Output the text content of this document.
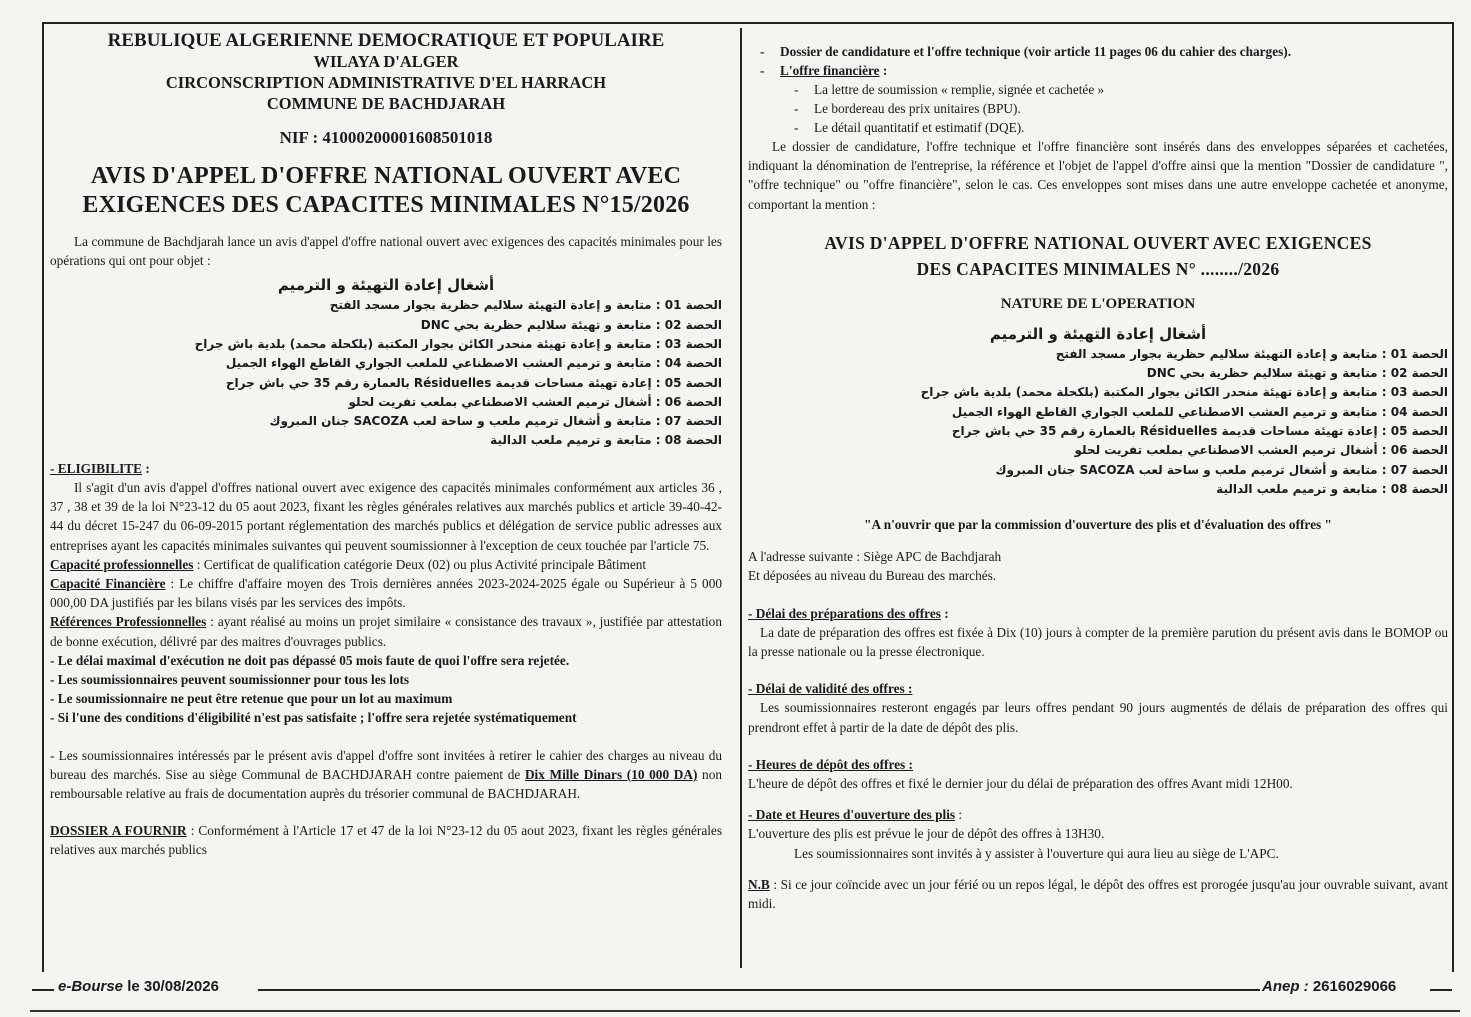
REBULIQUE ALGERIENNE DEMOCRATIQUE ET POPULAIRE
WILAYA D'ALGER
CIRCONSCRIPTION ADMINISTRATIVE D'EL HARRACH
COMMUNE DE BACHDJARAH
NIF : 41000200001608501018
AVIS D'APPEL D'OFFRE NATIONAL OUVERT AVEC
EXIGENCES DES CAPACITES MINIMALES N°15/2026
La commune de Bachdjarah lance un avis d'appel d'offre national ouvert avec exigences des capacités minimales pour les opérations qui ont pour objet :
أشغال إعادة التهيئة و الترميم
الحصة 01 : متابعة و إعادة التهيئة سلاليم حظرية بجوار مسجد الفتح
الحصة 02 : متابعة و تهيئة سلاليم حظرية بحي DNC
الحصة 03 : متابعة و إعادة تهيئة منحدر الكائن بجوار المكتبة (بلكحلة محمد) بلدية باش جراح
الحصة 04 : متابعة و ترميم العشب الاصطناعي للملعب الجواري القاطع الهواء الجميل
الحصة 05 : إعادة تهيئة مساحات قديمة Résiduelles بالعمارة رقم 35 حي باش جراح
الحصة 06 : أشغال ترميم العشب الاصطناعي بملعب تفريت لحلو
الحصة 07 : متابعة و أشغال ترميم ملعب و ساحة لعب SACOZA جنان المبروك
الحصة 08 : متابعة و ترميم ملعب الدالية
- ELIGIBILITE :
Il s'agit d'un avis d'appel d'offres national ouvert avec exigence des capacités minimales conformément aux articles 36 , 37 , 38 et 39 de la loi N°23-12 du 05 aout 2023, fixant les règles générales relatives aux marchés publics et article 39-40-42-44 du décret 15-247 du 06-09-2015 portant réglementation des marchés publics et délégation de service public adresses aux entreprises ayant les capacités minimales suivantes qui peuvent soumissionner à l'exception de ceux touchée par l'article 75.
Capacité professionnelles : Certificat de qualification catégorie Deux (02) ou plus Activité principale Bâtiment
Capacité Financière : Le chiffre d'affaire moyen des Trois dernières années 2023-2024-2025 égale ou Supérieur à 5 000 000,00 DA justifiés par les bilans visés par les services des impôts.
Références Professionnelles : ayant réalisé au moins un projet similaire « consistance des travaux », justifiée par attestation de bonne exécution, délivré par des maitres d'ouvrages publics.
- Le délai maximal d'exécution ne doit pas dépassé 05 mois faute de quoi l'offre sera rejetée.
- Les soumissionnaires peuvent soumissionner pour tous les lots
- Le soumissionnaire ne peut être retenue que pour un lot au maximum
- Si l'une des conditions d'éligibilité n'est pas satisfaite ; l'offre sera rejetée systématiquement
- Les soumissionnaires intéressés par le présent avis d'appel d'offre sont invitées à retirer le cahier des charges au niveau du bureau des marchés. Sise au siège Communal de BACHDJARAH contre paiement de Dix Mille Dinars (10 000 DA) non remboursable relative au frais de documentation auprès du trésorier communal de BACHDJARAH.
DOSSIER A FOURNIR : Conformément à l'Article 17 et 47 de la loi N°23-12 du 05 aout 2023, fixant les règles générales relatives aux marchés publics
- Dossier de candidature et l'offre technique (voir article 11 pages 06 du cahier des charges).
- L'offre financière :
- La lettre de soumission « remplie, signée et cachetée »
- Le bordereau des prix unitaires (BPU).
- Le détail quantitatif et estimatif (DQE).
Le dossier de candidature, l'offre technique et l'offre financière sont insérés dans des enveloppes séparées et cachetées, indiquant la dénomination de l'entreprise, la référence et l'objet de l'appel d'offre ainsi que la mention "Dossier de candidature ", "offre technique" ou "offre financière", selon le cas. Ces enveloppes sont mises dans une autre enveloppe cachetée et anonyme, comportant la mention :
AVIS D'APPEL D'OFFRE NATIONAL OUVERT AVEC EXIGENCES
DES CAPACITES MINIMALES N° ......../2026
NATURE DE L'OPERATION
أشغال إعادة التهيئة و الترميم
الحصة 01 : متابعة و إعادة التهيئة سلاليم حظرية بجوار مسجد الفتح
الحصة 02 : متابعة و تهيئة سلاليم حظرية بحي DNC
الحصة 03 : متابعة و إعادة تهيئة منحدر الكائن بجوار المكتبة (بلكحلة محمد) بلدية باش جراح
الحصة 04 : متابعة و ترميم العشب الاصطناعي للملعب الجواري القاطع الهواء الجميل
الحصة 05 : إعادة تهيئة مساحات قديمة Résiduelles بالعمارة رقم 35 حي باش جراح
الحصة 06 : أشغال ترميم العشب الاصطناعي بملعب تفريت لحلو
الحصة 07 : متابعة و أشغال ترميم ملعب و ساحة لعب SACOZA جنان المبروك
الحصة 08 : متابعة و ترميم ملعب الدالية
"A n'ouvrir que par la commission d'ouverture des plis et d'évaluation des offres "
A l'adresse suivante : Siège APC de Bachdjarah
Et déposées au niveau du Bureau des marchés.
- Délai des préparations des offres :
La date de préparation des offres est fixée à Dix (10) jours à compter de la première parution du présent avis dans le BOMOP ou la presse nationale ou la presse électronique.
- Délai de validité des offres :
Les soumissionnaires resteront engagés par leurs offres pendant 90 jours augmentés de délais de préparation des offres qui prendront effet à partir de la date de dépôt des plis.
- Heures de dépôt des offres :
L'heure de dépôt des offres et fixé le dernier jour du délai de préparation des offres Avant midi 12H00.
- Date et Heures d'ouverture des plis :
L'ouverture des plis est prévue le jour de dépôt des offres à 13H30.
Les soumissionnaires sont invités à y assister à l'ouverture qui aura lieu au siège de L'APC.
N.B : Si ce jour coïncide avec un jour férié ou un repos légal, le dépôt des offres est prorogée jusqu'au jour ouvrable suivant, avant midi.
e-Bourse le 30/08/2026	Anep : 2616029066
